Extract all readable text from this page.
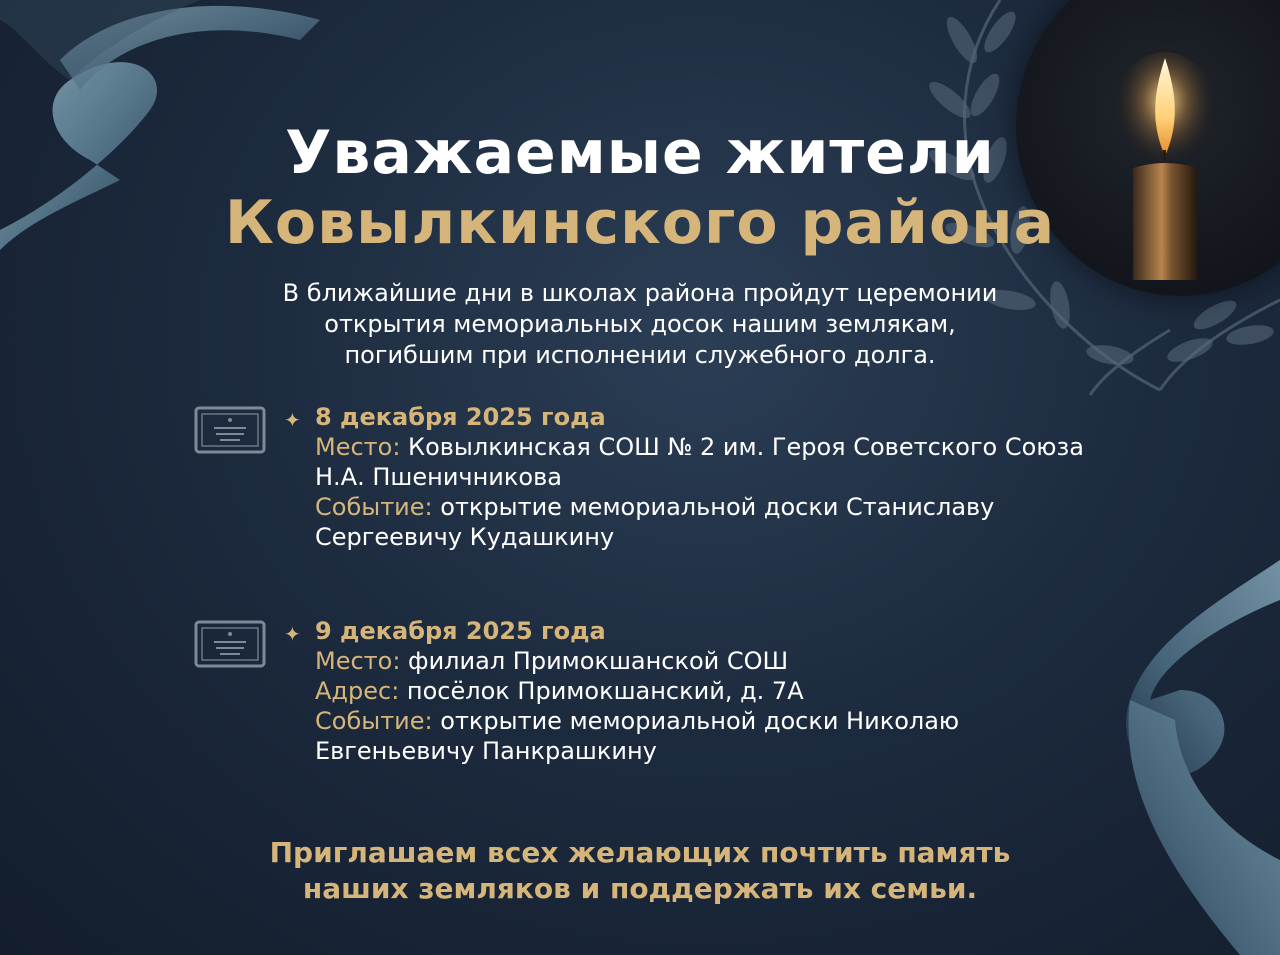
Уважаемые жители
Ковылкинского района
В ближайшие дни в школах района пройдут церемонии
открытия мемориальных досок нашим землякам,
погибшим при исполнении служебного долга.
✦ 8 декабря 2025 года
Место: Ковылкинская СОШ № 2 им. Героя Советского Союза
Н.А. Пшеничникова
Событие: открытие мемориальной доски Станиславу
Сергеевичу Кудашкину
✦ 9 декабря 2025 года
Место: филиал Примокшанской СОШ
Адрес: посёлок Примокшанский, д. 7А
Событие: открытие мемориальной доски Николаю
Евгеньевичу Панкрашкину
Приглашаем всех желающих почтить память
наших земляков и поддержать их семьи.
